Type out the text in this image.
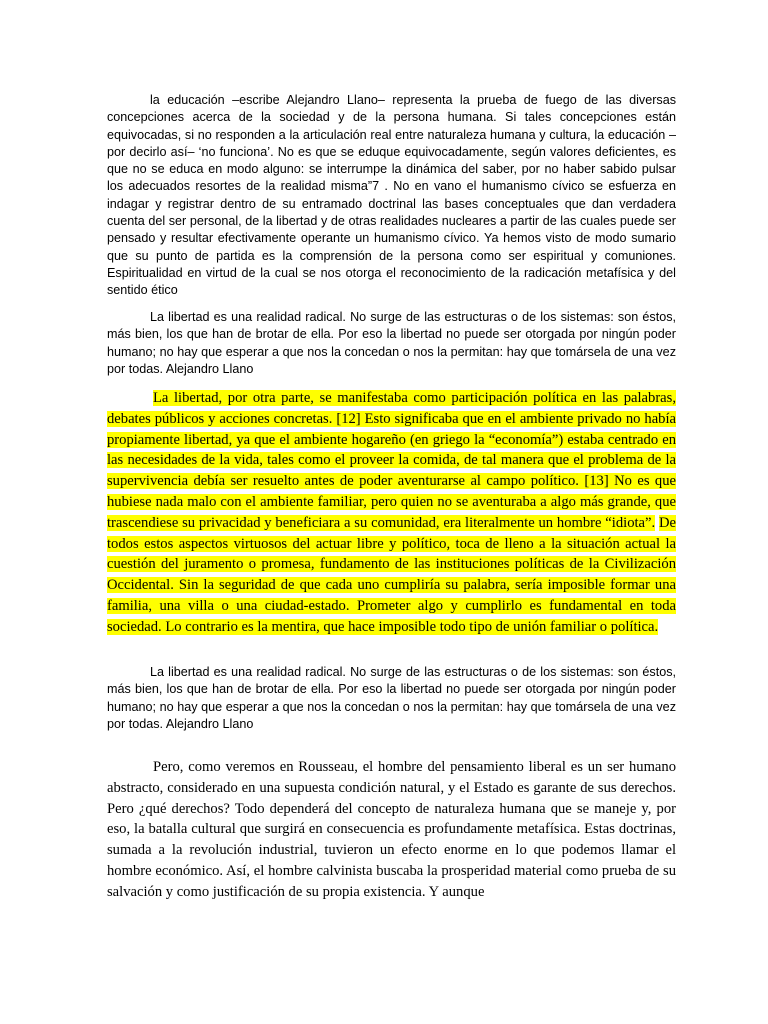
la educación –escribe Alejandro Llano– representa la prueba de fuego de las diversas concepciones acerca de la sociedad y de la persona humana. Si tales concepciones están equivocadas, si no responden a la articulación real entre naturaleza humana y cultura, la educación –por decirlo así– ‘no funciona’. No es que se eduque equivocadamente, según valores deficientes, es que no se educa en modo alguno: se interrumpe la dinámica del saber, por no haber sabido pulsar los adecuados resortes de la realidad misma”7 . No en vano el humanismo cívico se esfuerza en indagar y registrar dentro de su entramado doctrinal las bases conceptuales que dan verdadera cuenta del ser personal, de la libertad y de otras realidades nucleares a partir de las cuales puede ser pensado y resultar efectivamente operante un humanismo cívico. Ya hemos visto de modo sumario que su punto de partida es la comprensión de la persona como ser espiritual y comuniones. Espiritualidad en virtud de la cual se nos otorga el reconocimiento de la radicación metafísica y del sentido ético

La libertad es una realidad radical. No surge de las estructuras o de los sistemas: son éstos, más bien, los que han de brotar de ella. Por eso la libertad no puede ser otorgada por ningún poder humano; no hay que esperar a que nos la concedan o nos la permitan: hay que tomársela de una vez por todas. Alejandro Llano

La libertad, por otra parte, se manifestaba como participación política en las palabras, debates públicos y acciones concretas. [12] Esto significaba que en el ambiente privado no había propiamente libertad, ya que el ambiente hogareño (en griego la “economía”) estaba centrado en las necesidades de la vida, tales como el proveer la comida, de tal manera que el problema de la supervivencia debía ser resuelto antes de poder aventurarse al campo político. [13] No es que hubiese nada malo con el ambiente familiar, pero quien no se aventuraba a algo más grande, que trascendiese su privacidad y beneficiara a su comunidad, era literalmente un hombre “idiota”. De todos estos aspectos virtuosos del actuar libre y político, toca de lleno a la situación actual la cuestión del juramento o promesa, fundamento de las instituciones políticas de la Civilización Occidental. Sin la seguridad de que cada uno cumpliría su palabra, sería imposible formar una familia, una villa o una ciudad-estado. Prometer algo y cumplirlo es fundamental en toda sociedad. Lo contrario es la mentira, que hace imposible todo tipo de unión familiar o política.

La libertad es una realidad radical. No surge de las estructuras o de los sistemas: son éstos, más bien, los que han de brotar de ella. Por eso la libertad no puede ser otorgada por ningún poder humano; no hay que esperar a que nos la concedan o nos la permitan: hay que tomársela de una vez por todas. Alejandro Llano

Pero, como veremos en Rousseau, el hombre del pensamiento liberal es un ser humano abstracto, considerado en una supuesta condición natural, y el Estado es garante de sus derechos. Pero ¿qué derechos? Todo dependerá del concepto de naturaleza humana que se maneje y, por eso, la batalla cultural que surgirá en consecuencia es profundamente metafísica. Estas doctrinas, sumada a la revolución industrial, tuvieron un efecto enorme en lo que podemos llamar el hombre económico. Así, el hombre calvinista buscaba la prosperidad material como prueba de su salvación y como justificación de su propia existencia. Y aunque
